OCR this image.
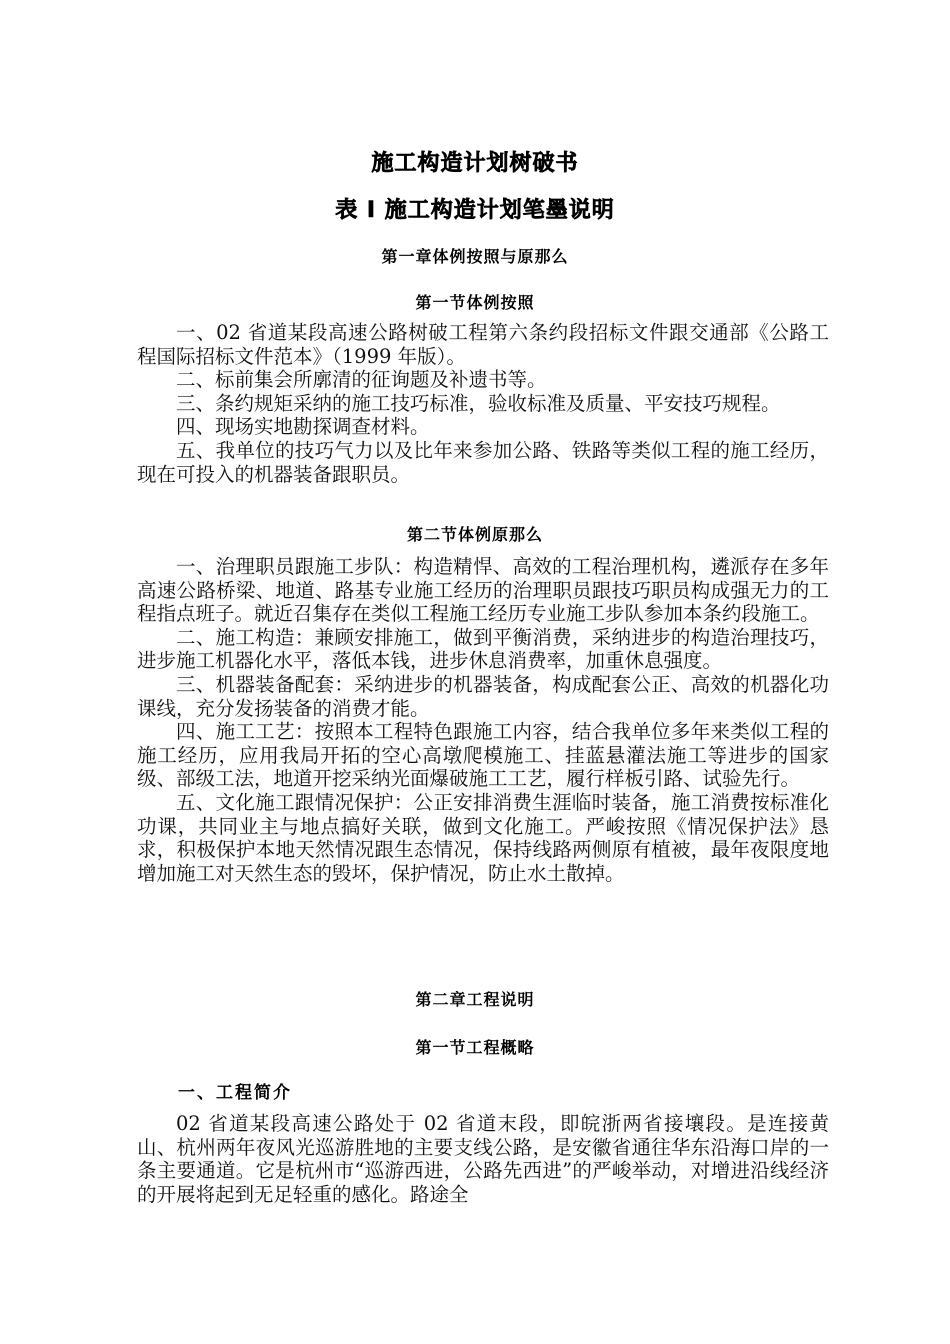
施工构造计划树破书
表 I 施工构造计划笔墨说明
第一章体例按照与原那么
第一节体例按照

一、02 省道某段高速公路树破工程第六条约段招标文件跟交通部《公路工程国际招标文件范本》（1999 年版）。

二、标前集会所廓清的征询题及补遗书等。

三、条约规矩采纳的施工技巧标准，验收标准及质量、平安技巧规程。

四、现场实地勘探调查材料。

五、我单位的技巧气力以及比年来参加公路、铁路等类似工程的施工经历，现在可投入的机器装备跟职员。

第二节体例原那么

一、治理职员跟施工步队：构造精悍、高效的工程治理机构，遴派存在多年高速公路桥梁、地道、路基专业施工经历的治理职员跟技巧职员构成强无力的工程指点班子。就近召集存在类似工程施工经历专业施工步队参加本条约段施工。

二、施工构造：兼顾安排施工，做到平衡消费，采纳进步的构造治理技巧，进步施工机器化水平，落低本钱，进步休息消费率，加重休息强度。

三、机器装备配套：采纳进步的机器装备，构成配套公正、高效的机器化功课线，充分发扬装备的消费才能。

四、施工工艺：按照本工程特色跟施工内容，结合我单位多年来类似工程的施工经历，应用我局开拓的空心高墩爬模施工、挂蓝悬灌法施工等进步的国家级、部级工法，地道开挖采纳光面爆破施工工艺，履行样板引路、试验先行。

五、文化施工跟情况保护：公正安排消费生涯临时装备，施工消费按标准化功课，共同业主与地点搞好关联，做到文化施工。严峻按照《情况保护法》恳求，积极保护本地天然情况跟生态情况，保持线路两侧原有植被，最年夜限度地增加施工对天然生态的毁坏，保护情况，防止水土散掉。

第二章工程说明
第一节工程概略
一、工程简介

02 省道某段高速公路处于 02 省道末段，即皖浙两省接壤段。是连接黄山、杭州两年夜风光巡游胜地的主要支线公路，是安徽省通往华东沿海口岸的一条主要通道。它是杭州市“巡游西进，公路先西进”的严峻举动，对增进沿线经济的开展将起到无足轻重的感化。路途全
